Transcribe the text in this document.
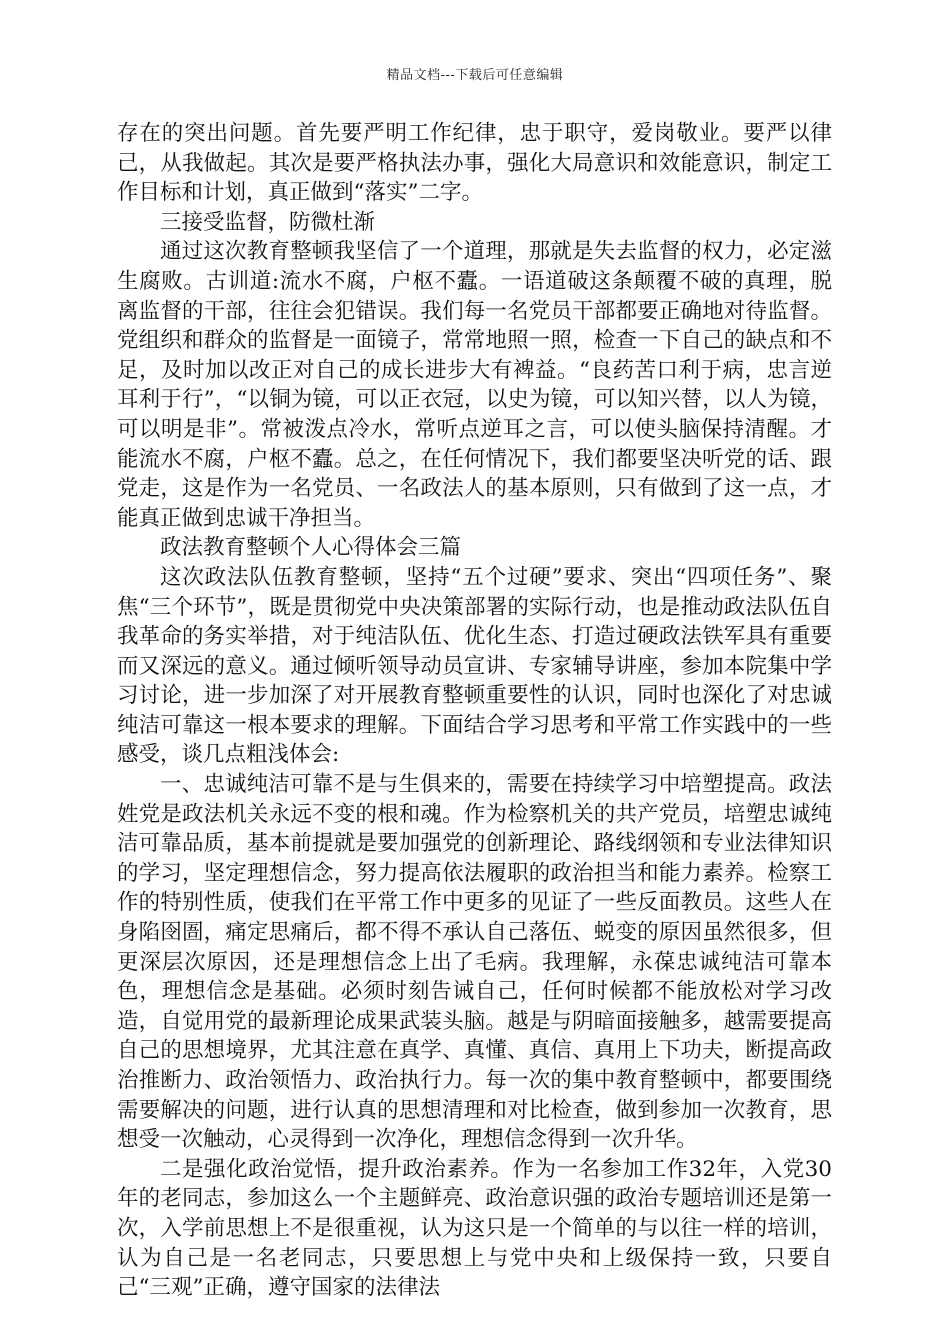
精品文档---下载后可任意编辑

存在的突出问题。首先要严明工作纪律，忠于职守，爱岗敬业。要严以律己，从我做起。其次是要严格执法办事，强化大局意识和效能意识，制定工作目标和计划，真正做到“落实”二字。

三接受监督，防微杜渐

通过这次教育整顿我坚信了一个道理，那就是失去监督的权力，必定滋生腐败。古训道:流水不腐，户枢不蠹。一语道破这条颠覆不破的真理，脱离监督的干部，往往会犯错误。我们每一名党员干部都要正确地对待监督。党组织和群众的监督是一面镜子，常常地照一照，检查一下自己的缺点和不足，及时加以改正对自己的成长进步大有裨益。“良药苦口利于病，忠言逆耳利于行”，“以铜为镜，可以正衣冠，以史为镜，可以知兴替，以人为镜，可以明是非”。常被泼点冷水，常听点逆耳之言，可以使头脑保持清醒。才能流水不腐，户枢不蠹。总之，在任何情况下，我们都要坚决听党的话、跟党走，这是作为一名党员、一名政法人的基本原则，只有做到了这一点，才能真正做到忠诚干净担当。

政法教育整顿个人心得体会三篇

这次政法队伍教育整顿，坚持“五个过硬”要求、突出“四项任务”、聚焦“三个环节”，既是贯彻党中央决策部署的实际行动，也是推动政法队伍自我革命的务实举措，对于纯洁队伍、优化生态、打造过硬政法铁军具有重要而又深远的意义。通过倾听领导动员宣讲、专家辅导讲座，参加本院集中学习讨论，进一步加深了对开展教育整顿重要性的认识，同时也深化了对忠诚纯洁可靠这一根本要求的理解。下面结合学习思考和平常工作实践中的一些感受，谈几点粗浅体会:

一、忠诚纯洁可靠不是与生俱来的，需要在持续学习中培塑提高。政法姓党是政法机关永远不变的根和魂。作为检察机关的共产党员，培塑忠诚纯洁可靠品质，基本前提就是要加强党的创新理论、路线纲领和专业法律知识的学习，坚定理想信念，努力提高依法履职的政治担当和能力素养。检察工作的特别性质，使我们在平常工作中更多的见证了一些反面教员。这些人在身陷囹圄，痛定思痛后，都不得不承认自己落伍、蜕变的原因虽然很多，但更深层次原因，还是理想信念上出了毛病。我理解，永葆忠诚纯洁可靠本色，理想信念是基础。必须时刻告诫自己，任何时候都不能放松对学习改造，自觉用党的最新理论成果武装头脑。越是与阴暗面接触多，越需要提高自己的思想境界，尤其注意在真学、真懂、真信、真用上下功夫，断提高政治推断力、政治领悟力、政治执行力。每一次的集中教育整顿中，都要围绕需要解决的问题，进行认真的思想清理和对比检查，做到参加一次教育，思想受一次触动，心灵得到一次净化，理想信念得到一次升华。

二是强化政治觉悟，提升政治素养。作为一名参加工作32年，入党30年的老同志，参加这么一个主题鲜亮、政治意识强的政治专题培训还是第一次，入学前思想上不是很重视，认为这只是一个简单的与以往一样的培训，认为自己是一名老同志，只要思想上与党中央和上级保持一致，只要自己“三观”正确，遵守国家的法律法
